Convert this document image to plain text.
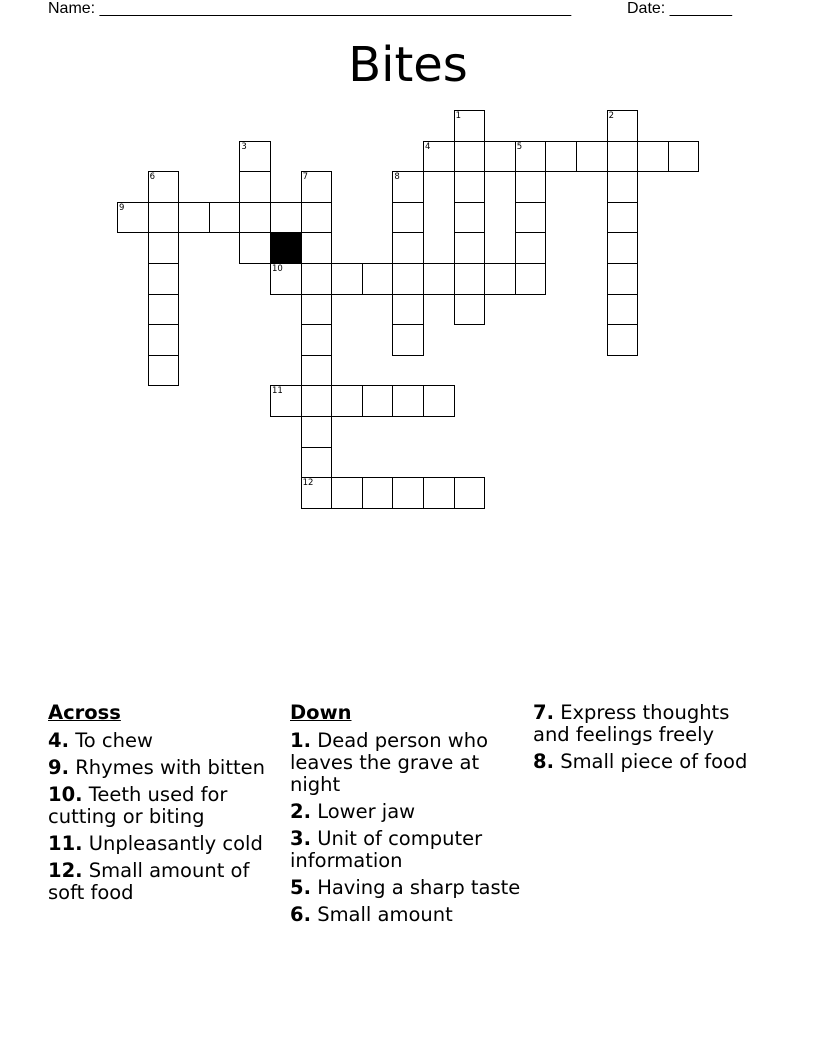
Name: _____________________________________________________	Date: _______
Bites
4	5
9
10
11
12
1	2
3
6	7	8
Across
4. To chew
9. Rhymes with bitten
10. Teeth used for cutting or biting
11. Unpleasantly cold
12. Small amount of soft food
Down
1. Dead person who leaves the grave at night
2. Lower jaw
3. Unit of computer information
5. Having a sharp taste
6. Small amount
7. Express thoughts and feelings freely
8. Small piece of food
